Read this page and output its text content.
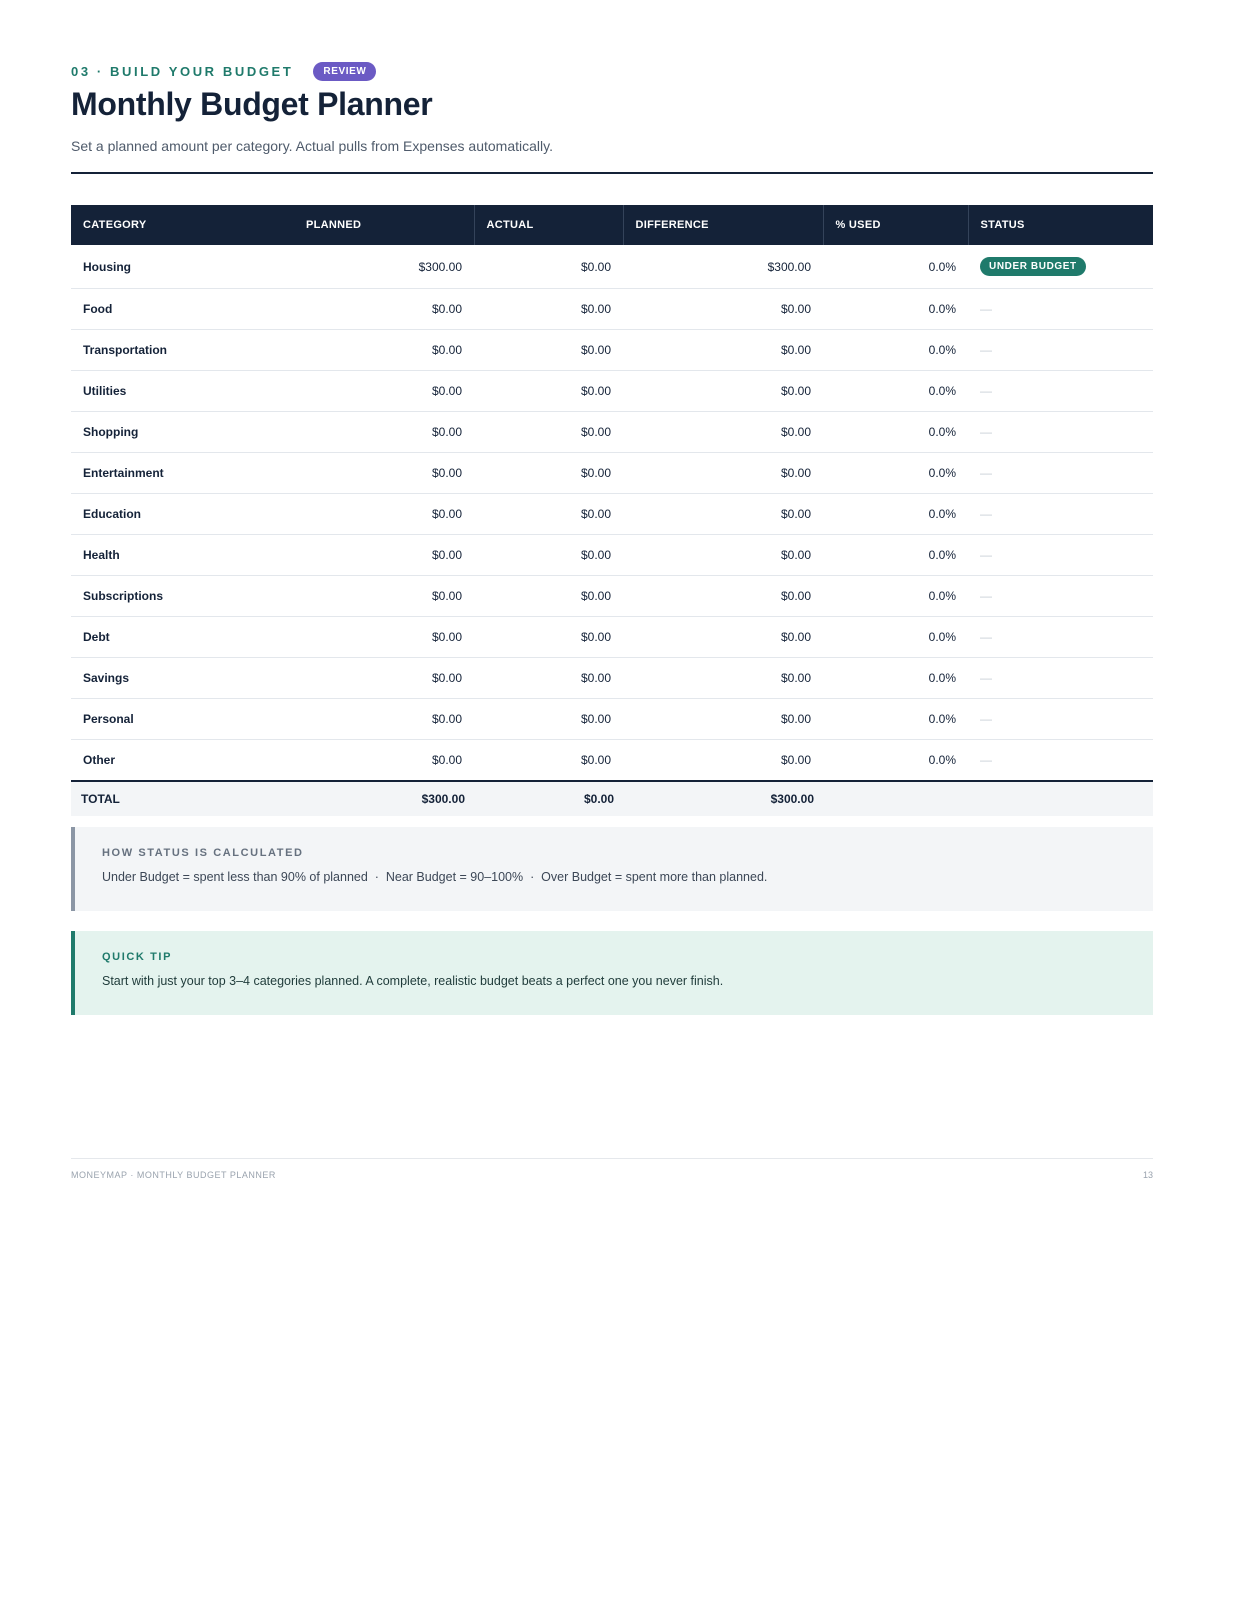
03 · BUILD YOUR BUDGET	REVIEW
Monthly Budget Planner
Set a planned amount per category. Actual pulls from Expenses automatically.
CATEGORY	PLANNED	ACTUAL	DIFFERENCE	% USED	STATUS
Housing	$300.00	$0.00	$300.00	0.0%	UNDER BUDGET
Food	$0.00	$0.00	$0.00	0.0%	—
Transportation	$0.00	$0.00	$0.00	0.0%	—
Utilities	$0.00	$0.00	$0.00	0.0%	—
Shopping	$0.00	$0.00	$0.00	0.0%	—
Entertainment	$0.00	$0.00	$0.00	0.0%	—
Education	$0.00	$0.00	$0.00	0.0%	—
Health	$0.00	$0.00	$0.00	0.0%	—
Subscriptions	$0.00	$0.00	$0.00	0.0%	—
Debt	$0.00	$0.00	$0.00	0.0%	—
Savings	$0.00	$0.00	$0.00	0.0%	—
Personal	$0.00	$0.00	$0.00	0.0%	—
Other	$0.00	$0.00	$0.00	0.0%	—
TOTAL	$300.00	$0.00	$300.00		
HOW STATUS IS CALCULATED
Under Budget = spent less than 90% of planned  ·  Near Budget = 90–100%  ·  Over Budget = spent more than planned.
QUICK TIP
Start with just your top 3–4 categories planned. A complete, realistic budget beats a perfect one you never finish.
MONEYMAP · MONTHLY BUDGET PLANNER	13
